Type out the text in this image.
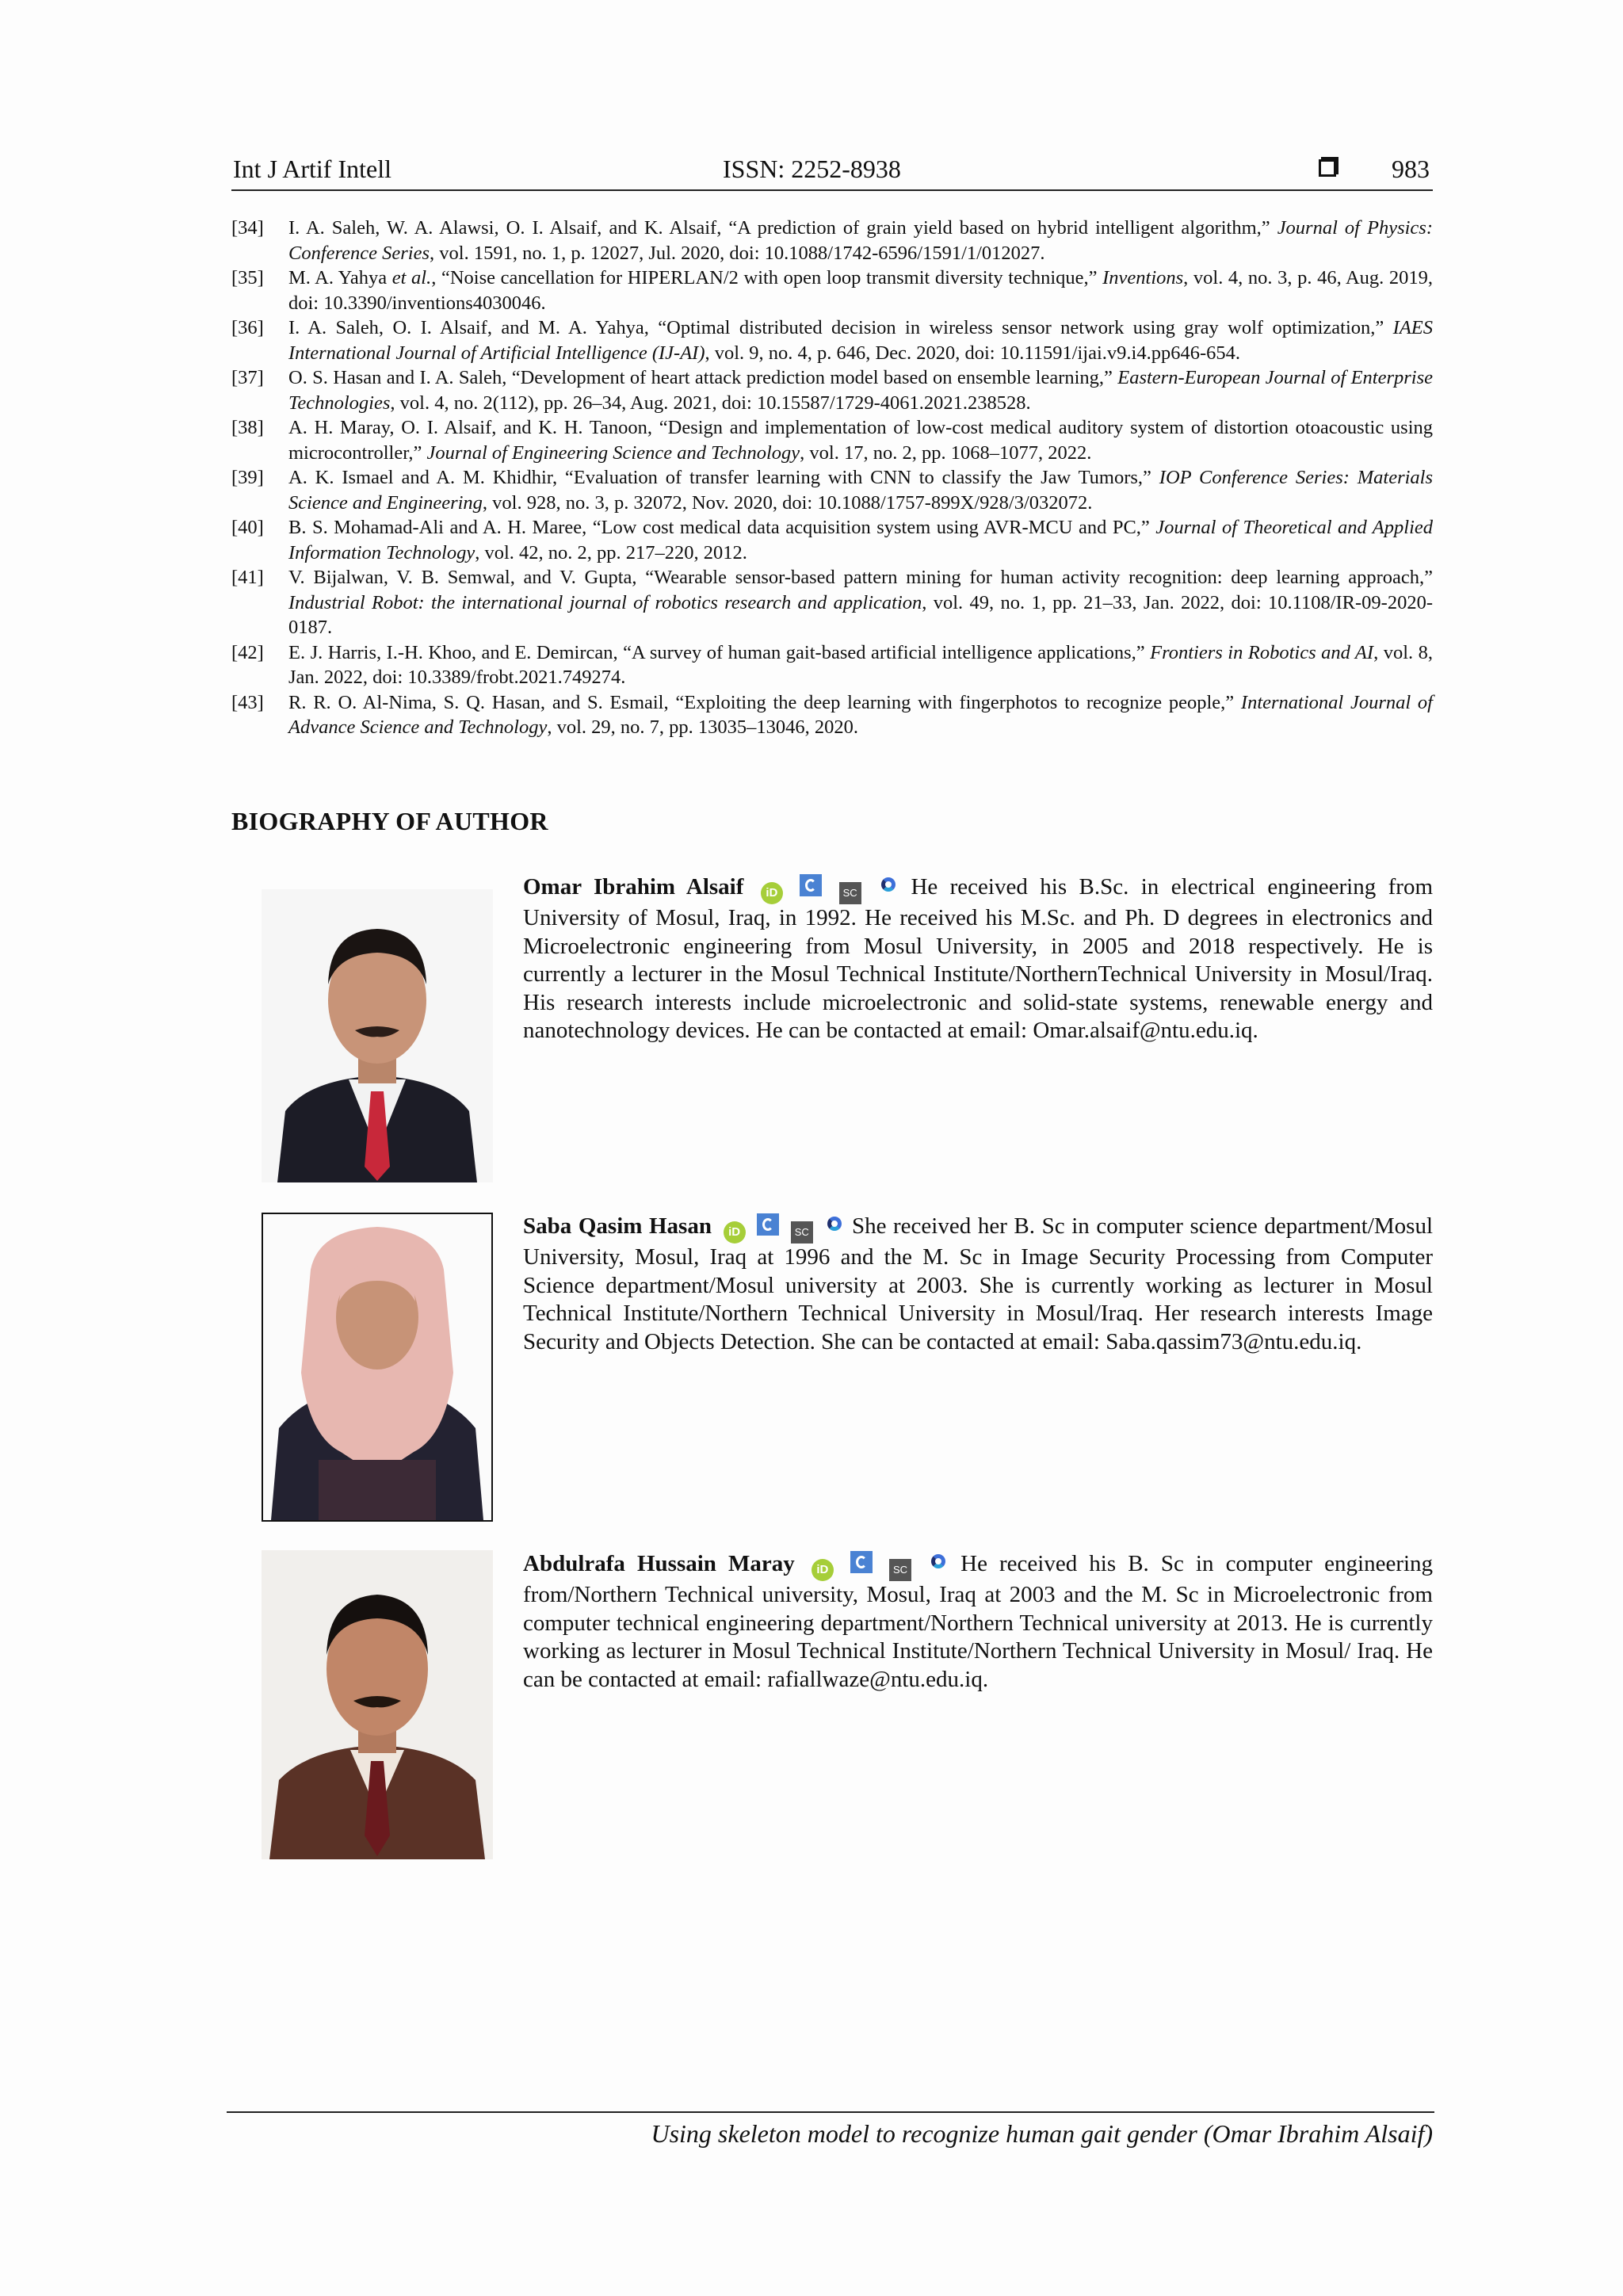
Int J Artif Intell	ISSN: 2252-8938	983
[34]	I. A. Saleh, W. A. Alawsi, O. I. Alsaif, and K. Alsaif, “A prediction of grain yield based on hybrid intelligent algorithm,” Journal of Physics: Conference Series, vol. 1591, no. 1, p. 12027, Jul. 2020, doi: 10.1088/1742-6596/1591/1/012027.
[35]	M. A. Yahya et al., “Noise cancellation for HIPERLAN/2 with open loop transmit diversity technique,” Inventions, vol. 4, no. 3, p. 46, Aug. 2019, doi: 10.3390/inventions4030046.
[36]	I. A. Saleh, O. I. Alsaif, and M. A. Yahya, “Optimal distributed decision in wireless sensor network using gray wolf optimization,” IAES International Journal of Artificial Intelligence (IJ-AI), vol. 9, no. 4, p. 646, Dec. 2020, doi: 10.11591/ijai.v9.i4.pp646-654.
[37]	O. S. Hasan and I. A. Saleh, “Development of heart attack prediction model based on ensemble learning,” Eastern-European Journal of Enterprise Technologies, vol. 4, no. 2(112), pp. 26–34, Aug. 2021, doi: 10.15587/1729-4061.2021.238528.
[38]	A. H. Maray, O. I. Alsaif, and K. H. Tanoon, “Design and implementation of low-cost medical auditory system of distortion otoacoustic using microcontroller,” Journal of Engineering Science and Technology, vol. 17, no. 2, pp. 1068–1077, 2022.
[39]	A. K. Ismael and A. M. Khidhir, “Evaluation of transfer learning with CNN to classify the Jaw Tumors,” IOP Conference Series: Materials Science and Engineering, vol. 928, no. 3, p. 32072, Nov. 2020, doi: 10.1088/1757-899X/928/3/032072.
[40]	B. S. Mohamad-Ali and A. H. Maree, “Low cost medical data acquisition system using AVR-MCU and PC,” Journal of Theoretical and Applied Information Technology, vol. 42, no. 2, pp. 217–220, 2012.
[41]	V. Bijalwan, V. B. Semwal, and V. Gupta, “Wearable sensor-based pattern mining for human activity recognition: deep learning approach,” Industrial Robot: the international journal of robotics research and application, vol. 49, no. 1, pp. 21–33, Jan. 2022, doi: 10.1108/IR-09-2020-0187.
[42]	E. J. Harris, I.-H. Khoo, and E. Demircan, “A survey of human gait-based artificial intelligence applications,” Frontiers in Robotics and AI, vol. 8, Jan. 2022, doi: 10.3389/frobt.2021.749274.
[43]	R. R. O. Al-Nima, S. Q. Hasan, and S. Esmail, “Exploiting the deep learning with fingerphotos to recognize people,” International Journal of Advance Science and Technology, vol. 29, no. 7, pp. 13035–13046, 2020.
BIOGRAPHY OF AUTHOR
Omar Ibrahim Alsaif iD	SC He received his B.Sc. in electrical engineering from University of Mosul, Iraq, in 1992. He received his M.Sc. and Ph. D degrees in electronics and Microelectronic engineering from Mosul University, in 2005 and 2018 respectively. He is currently a lecturer in the Mosul Technical Institute/NorthernTechnical University in Mosul/Iraq. His research interests include microelectronic and solid-state systems, renewable energy and nanotechnology devices. He can be contacted at email: Omar.alsaif@ntu.edu.iq.
Saba Qasim Hasan iD	SC She received her B. Sc in computer science department/Mosul University, Mosul, Iraq at 1996 and the M. Sc in Image Security Processing from Computer Science department/Mosul university at 2003. She is currently working as lecturer in Mosul Technical Institute/Northern Technical University in Mosul/Iraq. Her research interests Image Security and Objects Detection. She can be contacted at email: Saba.qassim73@ntu.edu.iq.
Abdulrafa Hussain Maray iD	SC He received his B. Sc in computer engineering from/Northern Technical university, Mosul, Iraq at 2003 and the M. Sc in Microelectronic from computer technical engineering department/Northern Technical university at 2013. He is currently working as lecturer in Mosul Technical Institute/Northern Technical University in Mosul/ Iraq. He can be contacted at email: rafiallwaze@ntu.edu.iq.
Using skeleton model to recognize human gait gender (Omar Ibrahim Alsaif)
